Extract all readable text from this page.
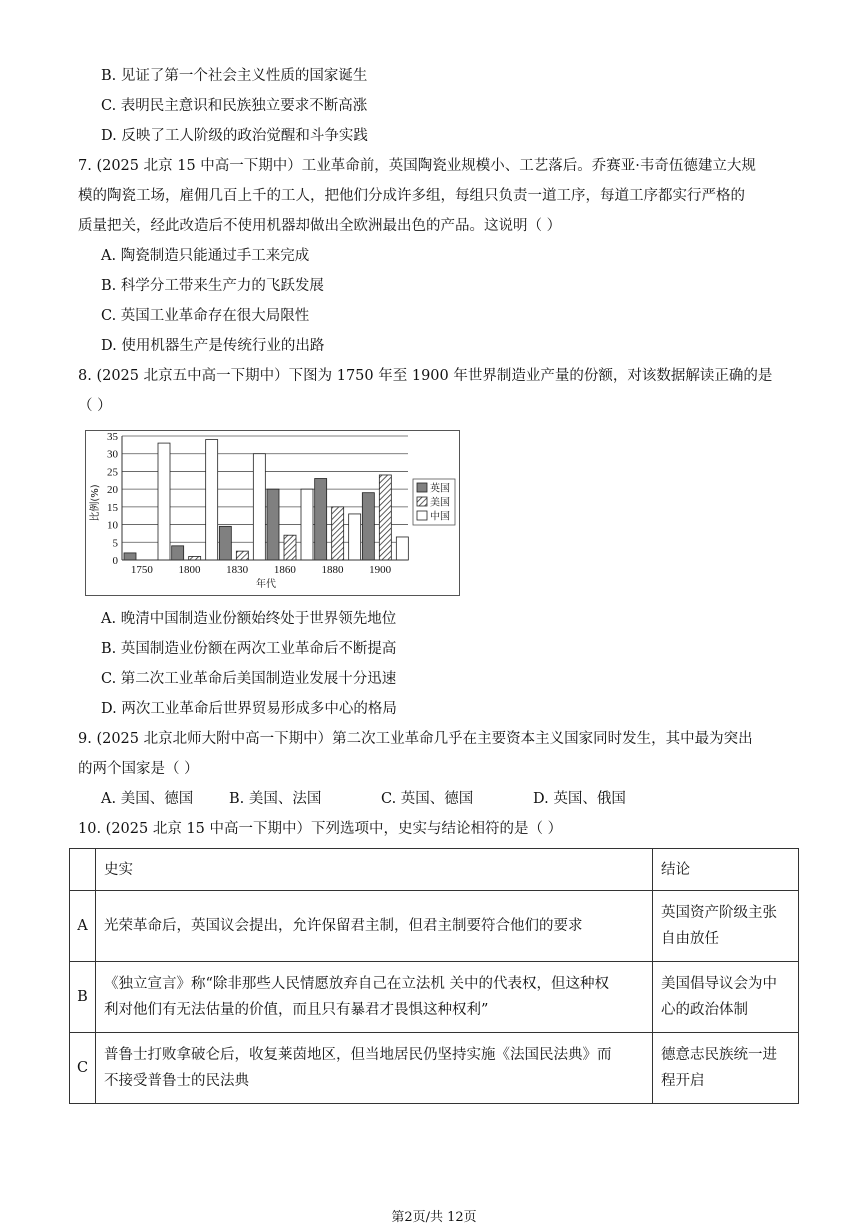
B. 见证了第一个社会主义性质的国家诞生
C. 表明民主意识和民族独立要求不断高涨
D. 反映了工人阶级的政治觉醒和斗争实践
7. (2025 北京 15 中高一下期中）工业革命前，英国陶瓷业规模小、工艺落后。乔赛亚·韦奇伍德建立大规
模的陶瓷工场，雇佣几百上千的工人，把他们分成许多组，每组只负责一道工序，每道工序都实行严格的
质量把关，经此改造后不使用机器却做出全欧洲最出色的产品。这说明（ ）
A. 陶瓷制造只能通过手工来完成
B. 科学分工带来生产力的飞跃发展
C. 英国工业革命存在很大局限性
D. 使用机器生产是传统行业的出路
8. (2025 北京五中高一下期中）下图为 1750 年至 1900 年世界制造业产量的份额，对该数据解读正确的是
（ ）
0
5
10
15
20
25
30
35
1750 1800 1830 1860 1880 1900
年代
比例(%)	英国
美国
中国
A. 晚清中国制造业份额始终处于世界领先地位
B. 英国制造业份额在两次工业革命后不断提高
C. 第二次工业革命后美国制造业发展十分迅速
D. 两次工业革命后世界贸易形成多中心的格局
9. (2025 北京北师大附中高一下期中）第二次工业革命几乎在主要资本主义国家同时发生，其中最为突出
的两个国家是（ ）
A. 美国、德国 B. 美国、法国	C. 英国、德国	D. 英国、俄国
10. (2025 北京 15 中高一下期中）下列选项中，史实与结论相符的是（ ）
	史实	结论
A	光荣革命后，英国议会提出，允许保留君主制，但君主制要符合他们的要求	英国资产阶级主张
自由放任
B	《独立宣言》称“除非那些人民情愿放弃自己在立法机 关中的代表权，但这种权
利对他们有无法估量的价值，而且只有暴君才畏惧这种权利”	美国倡导议会为中
心的政治体制
C	普鲁士打败拿破仑后，收复莱茵地区，但当地居民仍坚持实施《法国民法典》而
不接受普鲁士的民法典	德意志民族统一进
程开启
第2页/共 12页
